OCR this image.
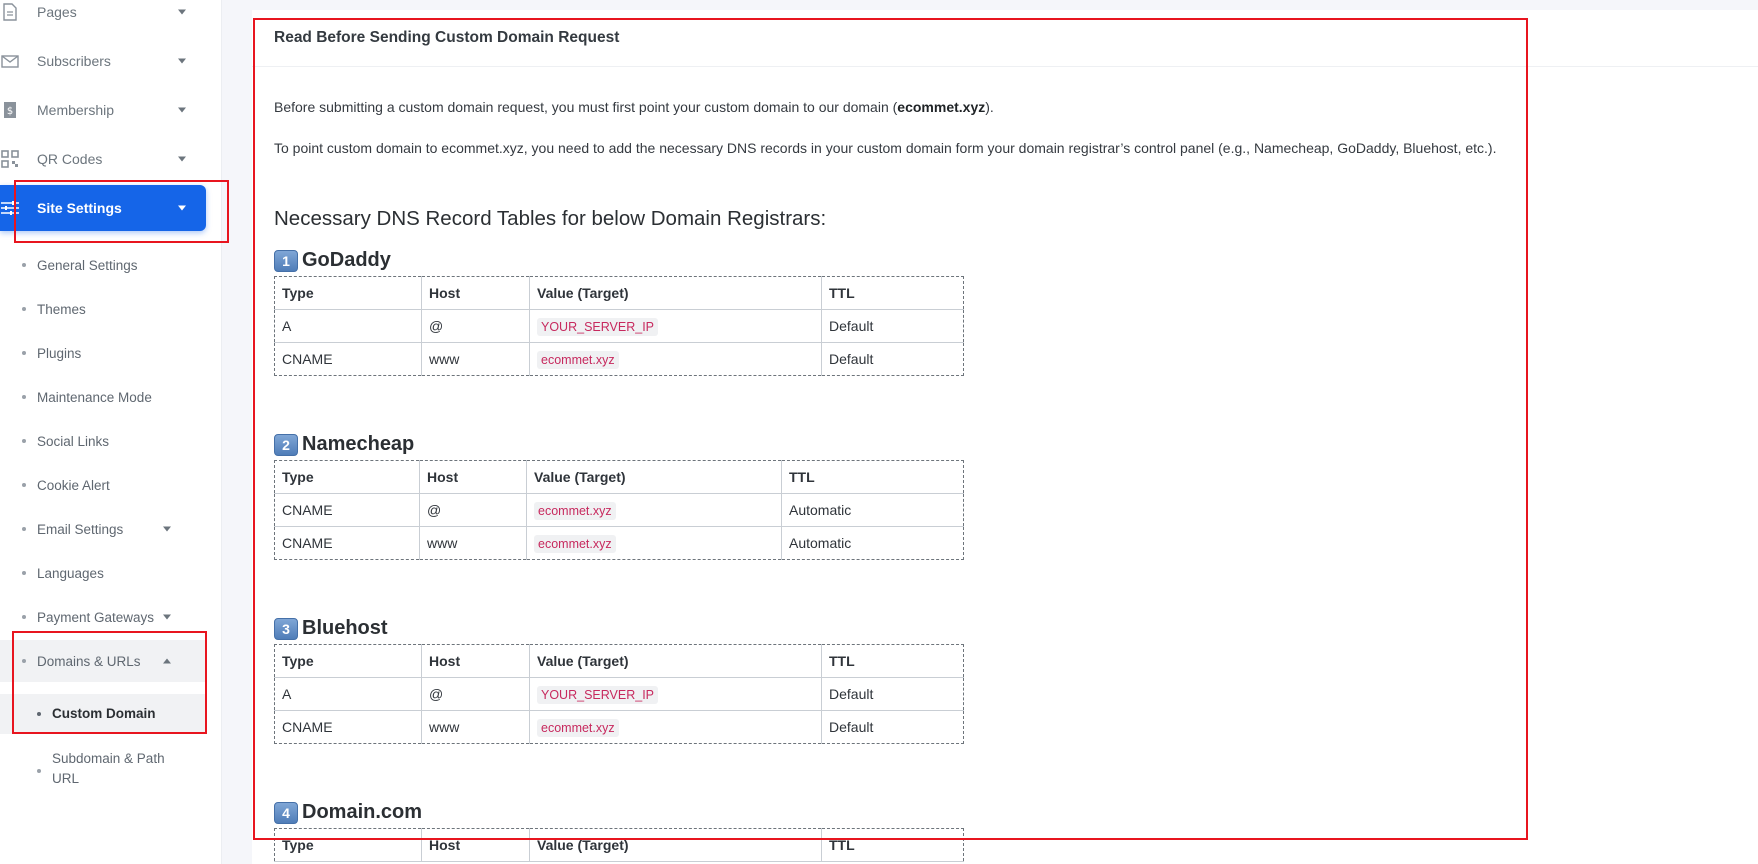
Pages
Subscribers
$ Membership
QR Codes
Site Settings
General Settings
Themes
Plugins
Maintenance Mode
Social Links
Cookie Alert
Email Settings
Languages
Payment Gateways
Domains & URLs
Custom Domain
Subdomain & Path URL
Read Before Sending Custom Domain Request
Before submitting a custom domain request, you must first point your custom domain to our domain (ecommet.xyz).
To point custom domain to ecommet.xyz, you need to add the necessary DNS records in your custom domain form your domain registrar’s control panel (e.g., Namecheap, GoDaddy, Bluehost, etc.).
Necessary DNS Record Tables for below Domain Registrars:
1 GoDaddy
Type	Host	Value (Target)	TTL
A	@	YOUR_SERVER_IP	Default
CNAME	www	ecommet.xyz	Default
2 Namecheap
Type	Host	Value (Target)	TTL
CNAME	@	ecommet.xyz	Automatic
CNAME	www	ecommet.xyz	Automatic
3 Bluehost
Type	Host	Value (Target)	TTL
A	@	YOUR_SERVER_IP	Default
CNAME	www	ecommet.xyz	Default
4 Domain.com
Type	Host	Value (Target)	TTL
